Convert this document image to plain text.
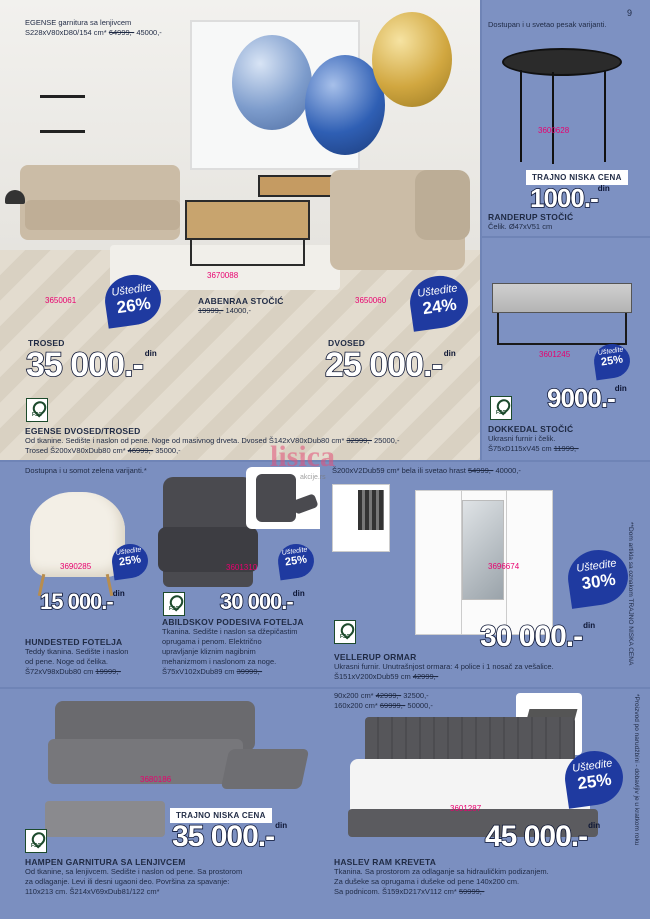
EGENSE garnitura sa lenjivcem
S228xV80xD80/154 cm* 64999,- 45000,-
3650061
3670088
3650060
AABENRAA STOČIĆ
19999,- 14000,-
Uštedite
26%
Uštedite
24%
TROSED
35 000.- din
DVOSED
25 000.- din
FSC
EGENSE DVOSED/TROSED
Od tkanine. Sedište i naslon od pene. Noge od masivnog drveta. Dvosed Š142xV80xDub80 cm* 32999,- 25000,-
Trosed Š200xV80xDub80 cm* 46999,- 35000,-
9
Dostupan i u svetao pesak varijanti.
3600628
TRAJNO NISKA CENA
1000.- din
RANDERUP STOČIĆ
Čelik. Ø47xV51 cm
3601245	Uštedite
25%
FSC 9000.- din
DOKKEDAL STOČIĆ
Ukrasni furnir i čelik.
Š75xD115xV45 cm 11999,-
Dostupna i u somot zelena varijanti.*
3690285
Uštedite
25%
15 000.- din
HUNDESTED FOTELJA
Teddy tkanina. Sedište i naslon
od pene. Noge od čelika.
Š72xV98xDub80 cm 19999,-
3601310
Uštedite
25%
FSC 30 000.- din
ABILDSKOV PODESIVA FOTELJA
Tkanina. Sedište i naslon sa džepičastim
oprugama i penom. Električno
upravljanje kliznim nagibnim
mehanizmom i naslonom za noge.
Š75xV102xDub89 cm 39999,-
Š200xV2Dub59 cm* bela ili svetao hrast 54999,- 40000,-
3696674	Uštedite
30%
FSC	30 000.- din
VELLERUP ORMAR
Ukrasni furnir. Unutrašnjost ormara: 4 police i 1 nosač za vešalice.
Š151xV200xDub59 cm 42999,-
**Dom artikla sa oznakom TRAJNO NISKA CENA
3680186
TRAJNO NISKA CENA
FSC	35 000.- din
HAMPEN GARNITURA SA LENJIVCEM
Od tkanine, sa lenjivcem. Sedište i naslon od pene. Sa prostorom
za odlaganje. Levi ili desni ugaoni deo. Površina za spavanje:
110x213 cm. Š214xV69xDub81/122 cm*
90x200 cm* 42999,- 32500,-
160x200 cm* 69999,- 50000,-
3601287
Uštedite
25%
45 000.- din
HASLEV RAM KREVETA
Tkanina. Sa prostorom za odlaganje sa hidrauličkim podizanjem.
Za dušeke sa oprugama i dušeke od pene 140x200 cm.
Sa podnicom. Š159xD217xV112 cm* 59999,-
*Proizvod po narudžbini - dobavljiv je u kratkom roku
lisica
akcije.rs
